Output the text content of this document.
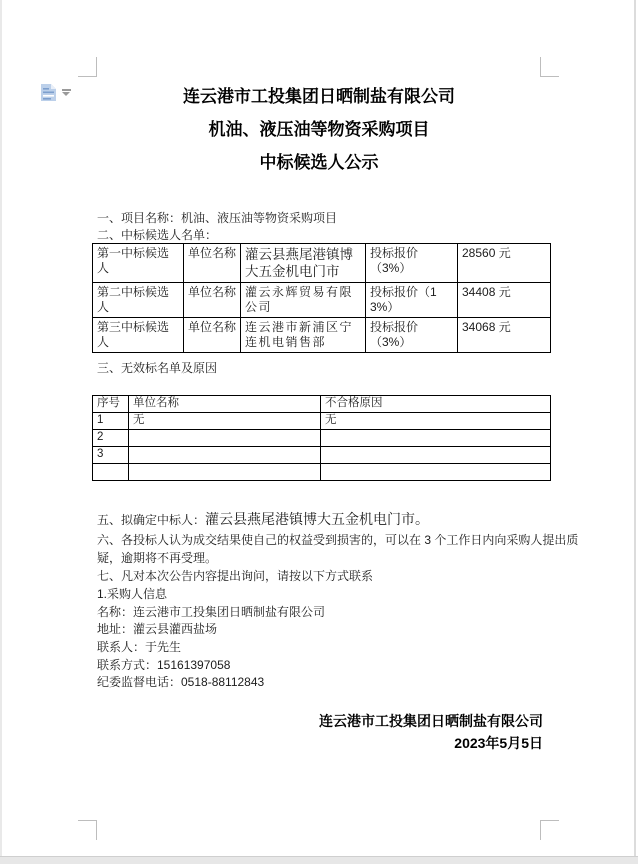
连云港市工投集团日晒制盐有限公司
机油、液压油等物资采购项目
中标候选人公示
一、项目名称：机油、液压油等物资采购项目
二、中标候选人名单：
第一中标候选人	单位名称	灌云县燕尾港镇博大五金机电门市	投标报价（3%）	28560 元
第二中标候选人	单位名称	灌云永辉贸易有限公司	投标报价（13%）	34408 元
第三中标候选人	单位名称	连云港市新浦区宁连机电销售部	投标报价（3%）	34068 元
三、无效标名单及原因
序号	单位名称	不合格原因
1	无	无
2		
3		

五、拟确定中标人：灌云县燕尾港镇博大五金机电门市。
六、各投标人认为成交结果使自己的权益受到损害的，可以在 3 个工作日内向采购人提出质
疑，逾期将不再受理。
七、凡对本次公告内容提出询问，请按以下方式联系
1.采购人信息
名称：连云港市工投集团日晒制盐有限公司
地址：灌云县灌西盐场
联系人：于先生
联系方式：15161397058
纪委监督电话：0518-88112843
连云港市工投集团日晒制盐有限公司
2023年5月5日
